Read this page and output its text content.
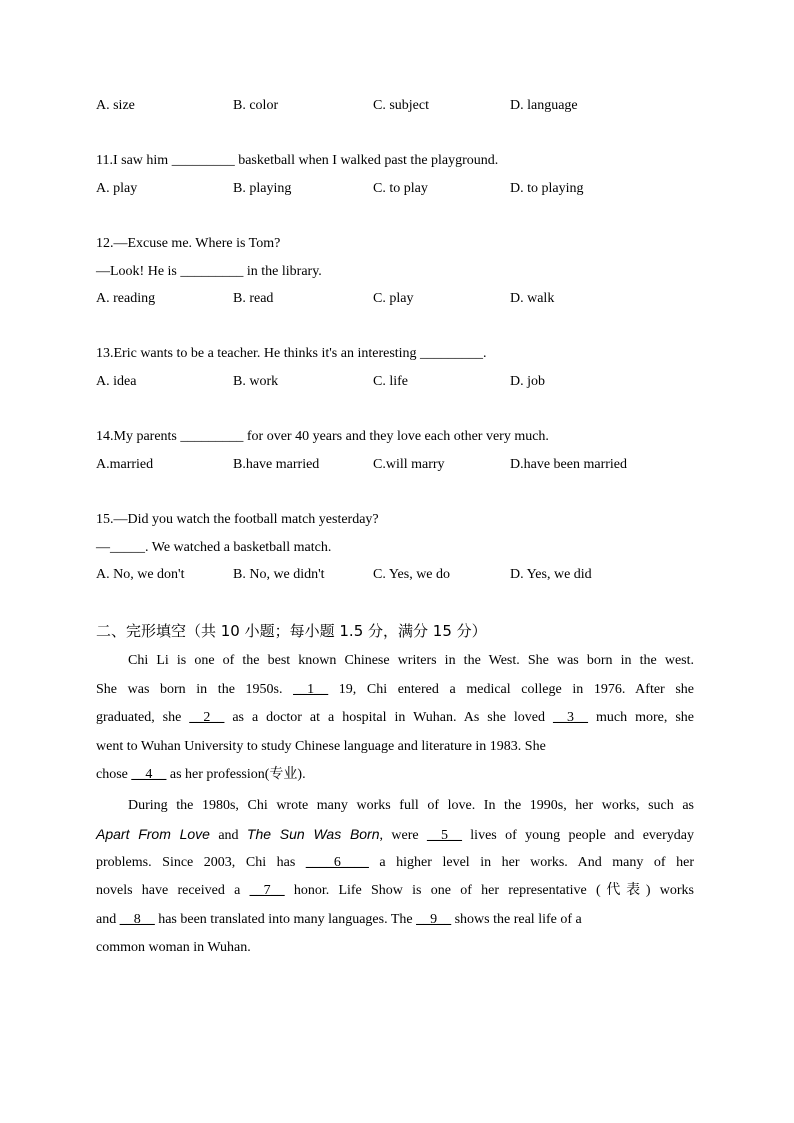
A. size	B. color	C. subject	D. language
11.I saw him _________ basketball when I walked past the playground.
A. play	B. playing	C. to play	D. to playing
12.—Excuse me. Where is Tom?
—Look! He is _________ in the library.
A. reading	B. read	C. play	D. walk
13.Eric wants to be a teacher. He thinks it's an interesting _________.
A. idea	B. work	C. life	D. job
14.My parents _________ for over 40 years and they love each other very much.
A.married	B.have married	C.will marry	D.have been married
15.—Did you watch the football match yesterday?
—_____. We watched a basketball match.
A. No, we don't	B. No, we didn't	C. Yes, we do	D. Yes, we did
二、完形填空（共 10 小题；每小题 1.5 分，满分 15 分）
Chi Li is one of the best known Chinese writers in the West. She was born in the west.
She was born in the 1950s. __1__ 19, Chi entered a medical college in 1976. After she
graduated, she __2__ as a doctor at a hospital in Wuhan. As she loved __3__ much more, she
went to Wuhan University to study Chinese language and literature in 1983. She
chose __4__ as her profession(专业).
During the 1980s, Chi wrote many works full of love. In the 1990s, her works, such as
Apart From Love and The Sun Was Born, were __5__ lives of young people and everyday
problems. Since 2003, Chi has ____6____ a higher level in her works. And many of her
novels have received a __7__ honor. Life Show is one of her representative (代表) works
and __8__ has been translated into many languages. The __9__ shows the real life of a
common woman in Wuhan.
